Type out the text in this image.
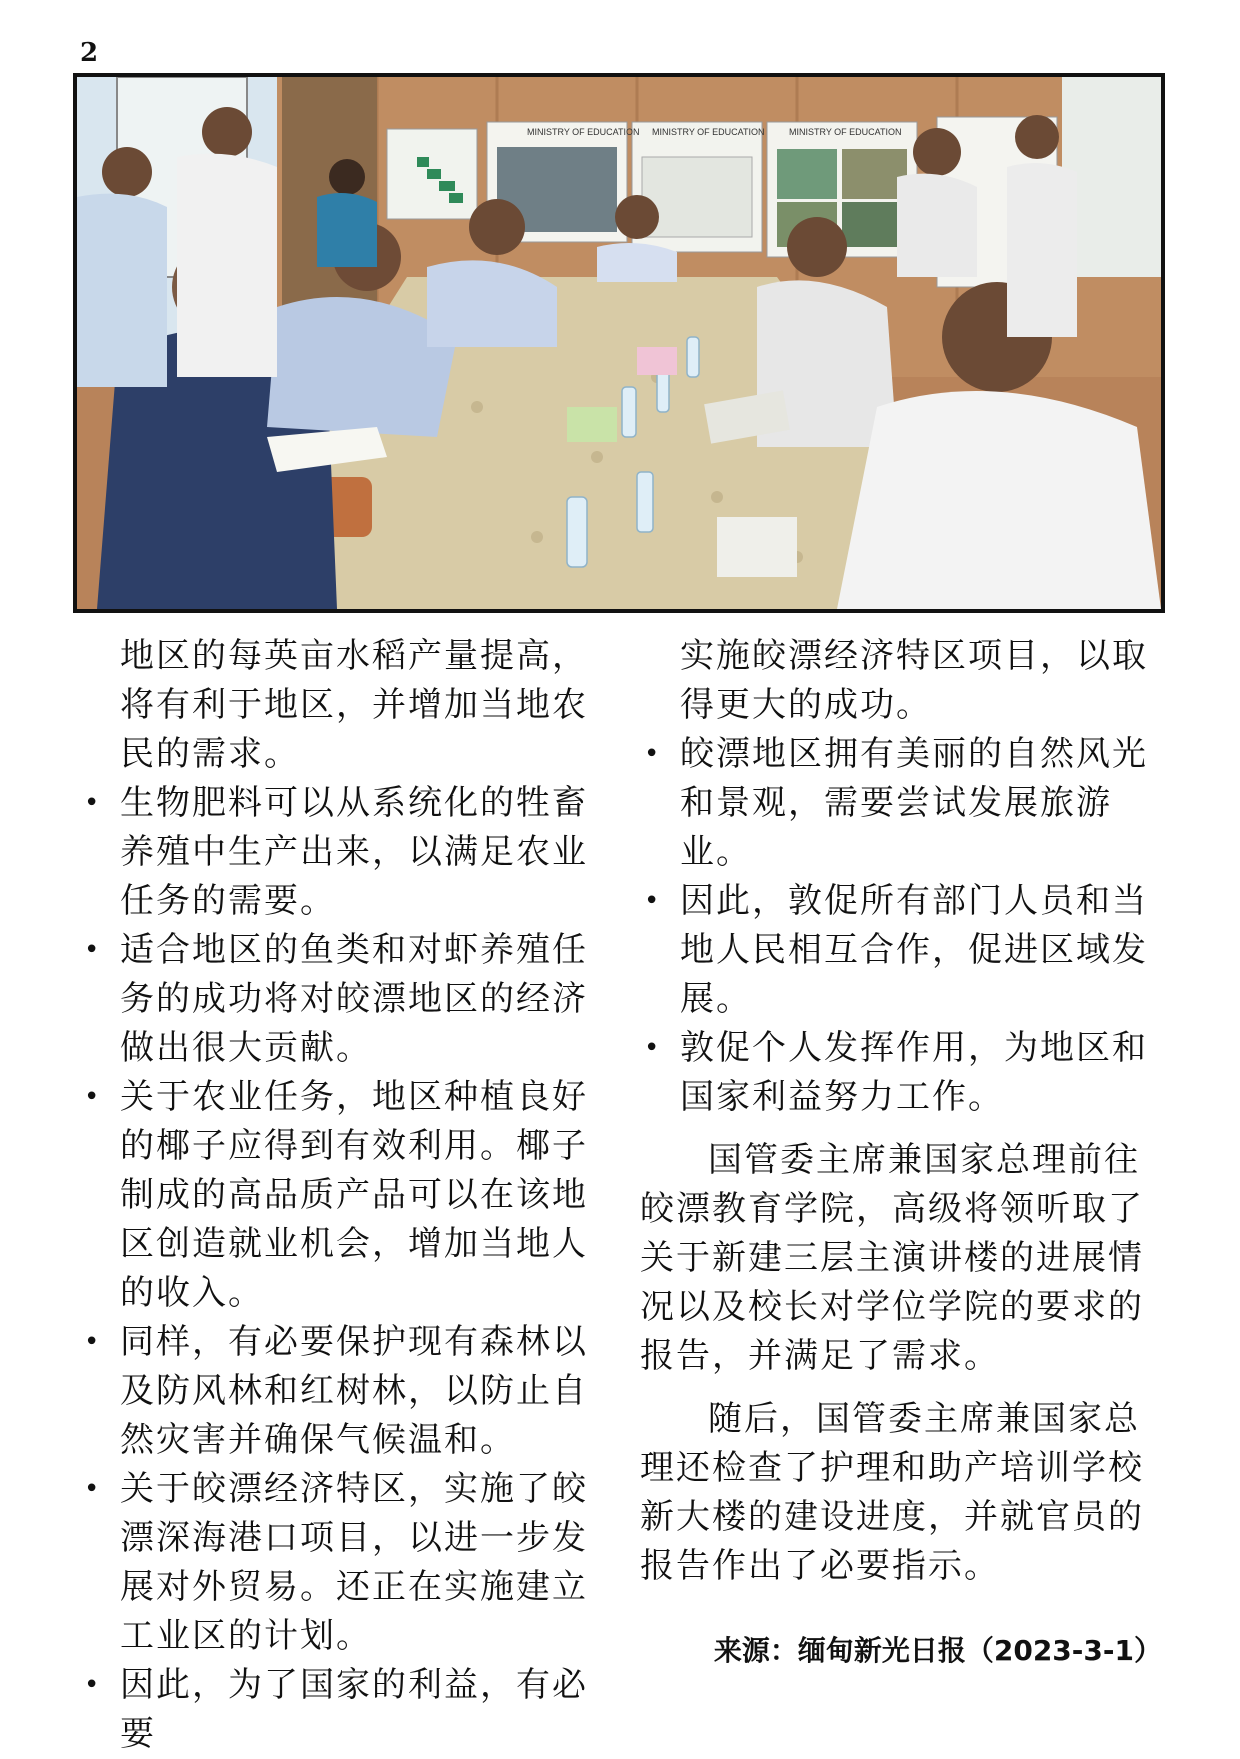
2
MINISTRY OF EDUCATION MINISTRY OF EDUCATION	MINISTRY OF EDUCATION

地区的每英亩水稻产量提高，将有利于地区，并增加当地农民的需求。

• 生物肥料可以从系统化的牲畜养殖中生产出来，以满足农业任务的需要。

• 适合地区的鱼类和对虾养殖任务的成功将对皎漂地区的经济做出很大贡献。

• 关于农业任务，地区种植良好的椰子应得到有效利用。椰子制成的高品质产品可以在该地区创造就业机会，增加当地人的收入。

• 同样，有必要保护现有森林以及防风林和红树林，以防止自然灾害并确保气候温和。

• 关于皎漂经济特区，实施了皎漂深海港口项目，以进一步发展对外贸易。还正在实施建立工业区的计划。

• 因此，为了国家的利益，有必要

实施皎漂经济特区项目，以取得更大的成功。

• 皎漂地区拥有美丽的自然风光和景观，需要尝试发展旅游业。

• 因此，敦促所有部门人员和当地人民相互合作，促进区域发展。

• 敦促个人发挥作用，为地区和国家利益努力工作。

国管委主席兼国家总理前往皎漂教育学院，高级将领听取了关于新建三层主演讲楼的进展情况以及校长对学位学院的要求的报告，并满足了需求。

随后，国管委主席兼国家总理还检查了护理和助产培训学校新大楼的建设进度，并就官员的报告作出了必要指示。

来源：缅甸新光日报（2023-3-1）
